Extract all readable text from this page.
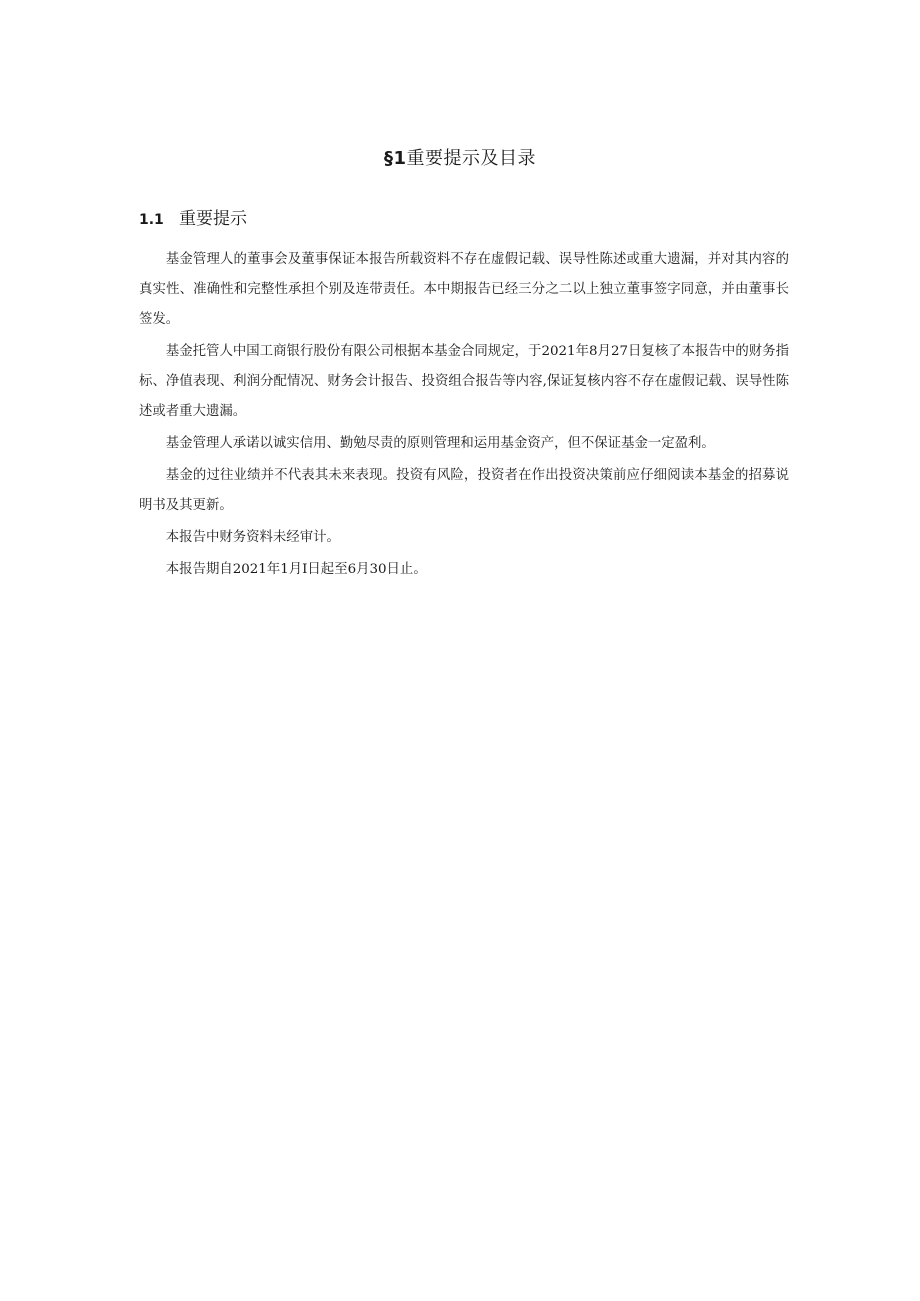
§1重要提示及目录
1.1 重要提示

基金管理人的董事会及董事保证本报告所载资料不存在虚假记载、误导性陈述或重大遗漏，并对其内容的真实性、准确性和完整性承担个别及连带责任。本中期报告已经三分之二以上独立董事签字同意，并由董事长签发。

基金托管人中国工商银行股份有限公司根据本基金合同规定，于2021年8月27日复核了本报告中的财务指标、净值表现、利润分配情况、财务会计报告、投资组合报告等内容,保证复核内容不存在虚假记载、误导性陈述或者重大遗漏。

基金管理人承诺以诚实信用、勤勉尽责的原则管理和运用基金资产，但不保证基金一定盈利。

基金的过往业绩并不代表其未来表现。投资有风险，投资者在作出投资决策前应仔细阅读本基金的招募说明书及其更新。

本报告中财务资料未经审计。

本报告期自2021年1月I日起至6月30日止。
